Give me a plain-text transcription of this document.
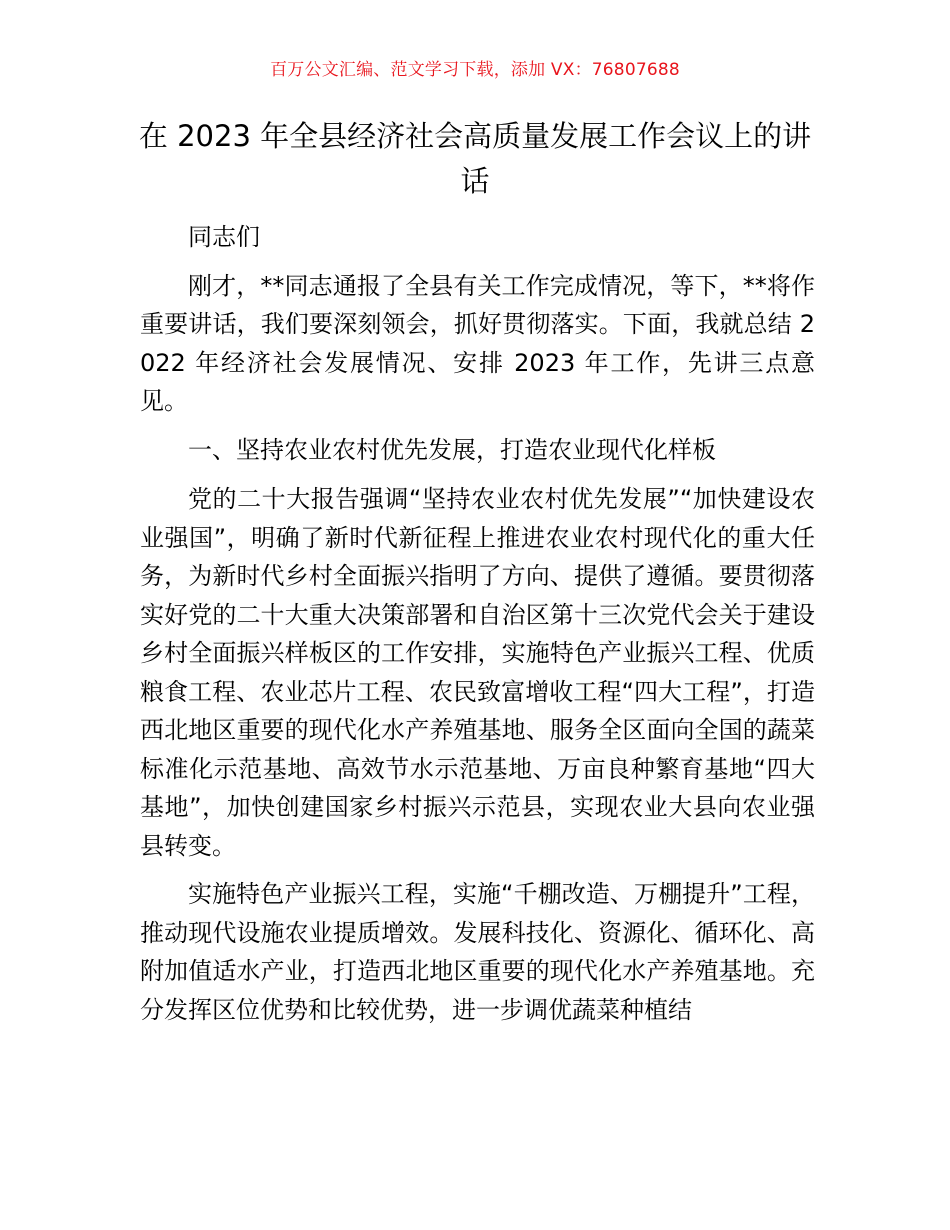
百万公文汇编、范文学习下载，添加 VX：76807688
在 2023 年全县经济社会高质量发展工作会议上的讲话

同志们

刚才，**同志通报了全县有关工作完成情况，等下，**将作重要讲话，我们要深刻领会，抓好贯彻落实。下面，我就总结 2022 年经济社会发展情况、安排 2023 年工作，先讲三点意见。

一、坚持农业农村优先发展，打造农业现代化样板

党的二十大报告强调“坚持农业农村优先发展”“加快建设农业强国”，明确了新时代新征程上推进农业农村现代化的重大任务，为新时代乡村全面振兴指明了方向、提供了遵循。要贯彻落实好党的二十大重大决策部署和自治区第十三次党代会关于建设乡村全面振兴样板区的工作安排，实施特色产业振兴工程、优质粮食工程、农业芯片工程、农民致富增收工程“四大工程”，打造西北地区重要的现代化水产养殖基地、服务全区面向全国的蔬菜标准化示范基地、高效节水示范基地、万亩良种繁育基地“四大基地”，加快创建国家乡村振兴示范县，实现农业大县向农业强县转变。

实施特色产业振兴工程，实施“千棚改造、万棚提升”工程，推动现代设施农业提质增效。发展科技化、资源化、循环化、高附加值适水产业，打造西北地区重要的现代化水产养殖基地。充分发挥区位优势和比较优势，进一步调优蔬菜种植结
